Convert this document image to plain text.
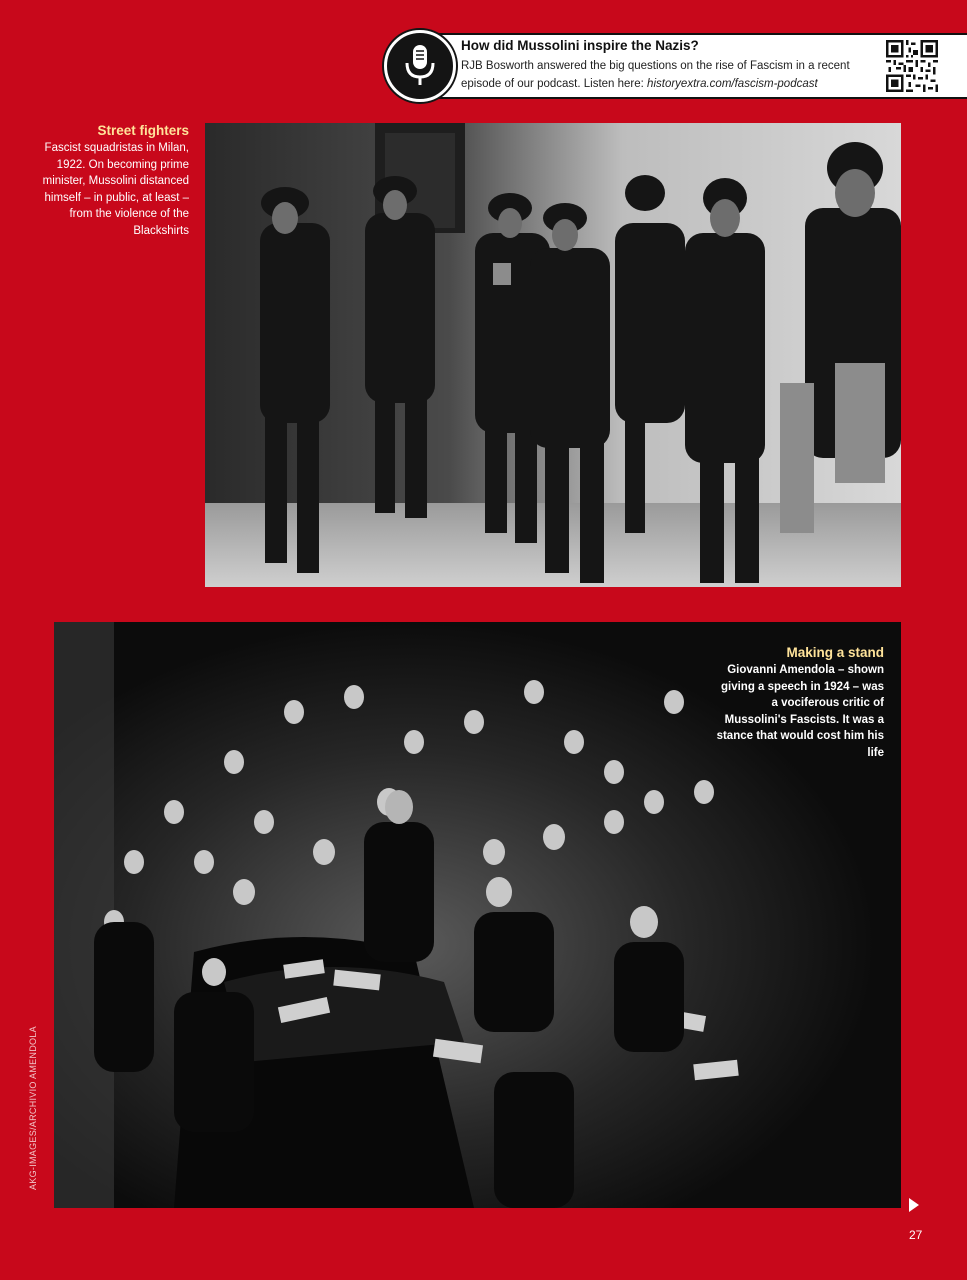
How did Mussolini inspire the Nazis?
RJB Bosworth answered the big questions on the rise of Fascism in a recent episode of our podcast. Listen here: historyextra.com/fascism-podcast
Street fighters
Fascist squadristas in Milan, 1922. On becoming prime minister, Mussolini distanced himself – in public, at least – from the violence of the Blackshirts
Making a stand
Giovanni Amendola – shown giving a speech in 1924 – was a vociferous critic of Mussolini's Fascists. It was a stance that would cost him his life
AKG-IMAGES/ARCHIVIO AMENDOLA
27
